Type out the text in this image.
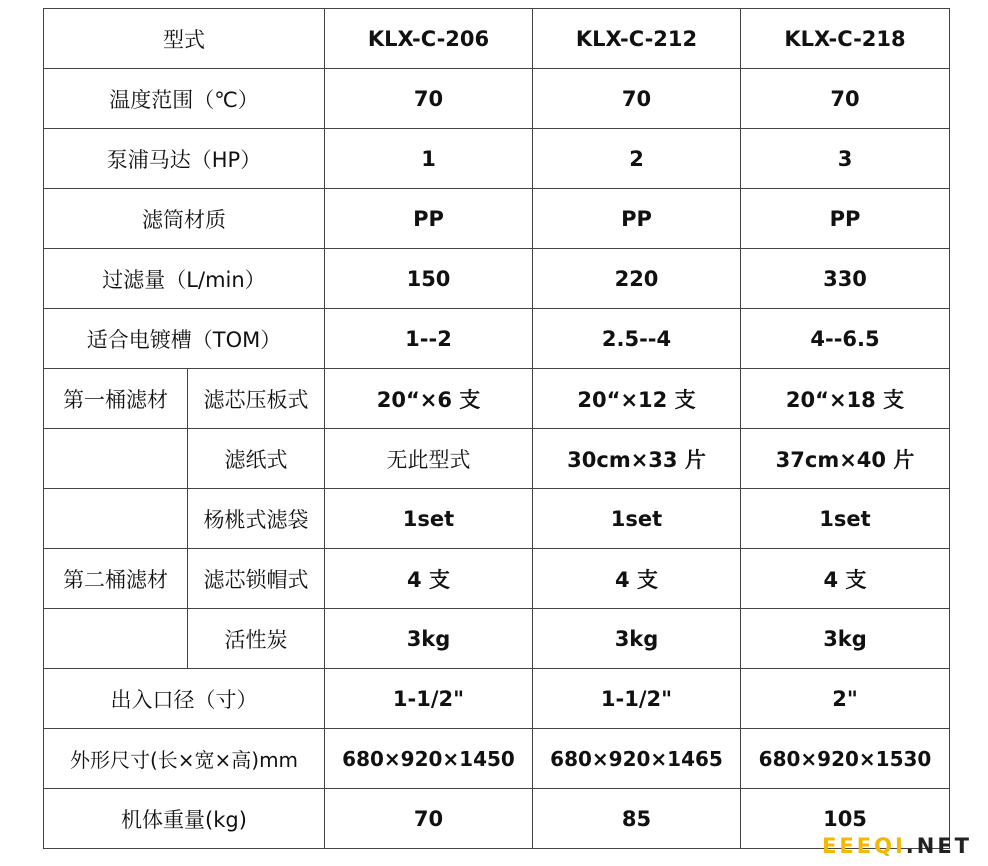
型式		KLX-C-206	KLX-C-212	KLX-C-218
温度范围（℃）		70	70	70
泵浦马达（HP）		1	2	3
滤筒材质		PP	PP	PP
过滤量（L/min）		150	220	330
适合电镀槽（TOM）		1--2	2.5--4	4--6.5
第一桶滤材	滤芯压板式	20“×6 支	20“×12 支	20“×18 支
	滤纸式	无此型式	30cm×33 片	37cm×40 片
	杨桃式滤袋	1set	1set	1set
第二桶滤材	滤芯锁帽式	4 支	4 支	4 支
	活性炭	3kg	3kg	3kg
出入口径（寸）		1-1/2"	1-1/2"	2"
外形尺寸(长×宽×高)mm		680×920×1450	680×920×1465	680×920×1530
机体重量(kg)		70	85	105
EEEQI.NET
